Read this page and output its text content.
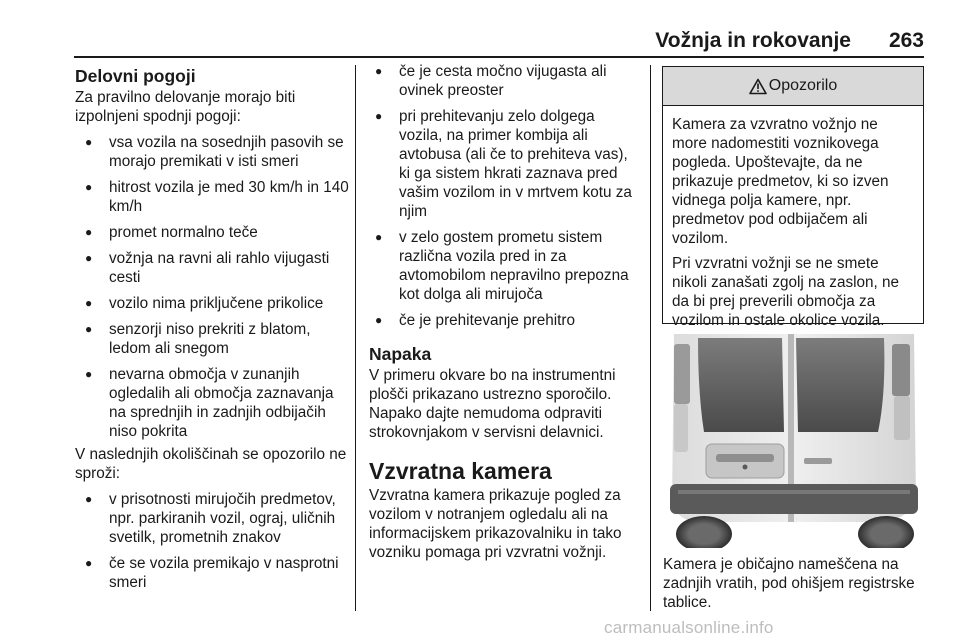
Vožnja in rokovanje 263

Delovni pogoji

Za pravilno delovanje morajo biti izpolnjeni spodnji pogoji:

● vsa vozila na sosednjih pasovih se morajo premikati v isti smeri
● hitrost vozila je med 30 km/h in 140 km/h
● promet normalno teče
● vožnja na ravni ali rahlo vijugasti cesti
● vozilo nima priključene prikolice
● senzorji niso prekriti z blatom, ledom ali snegom
● nevarna območja v zunanjih ogledalih ali območja zaznavanja na sprednjih in zadnjih odbijačih niso pokrita

V naslednjih okoliščinah se opozorilo ne sproži:

● v prisotnosti mirujočih predmetov, npr. parkiranih vozil, ograj, uličnih svetilk, prometnih znakov
● če se vozila premikajo v nasprotni smeri
● če je cesta močno vijugasta ali ovinek preoster
● pri prehitevanju zelo dolgega vozila, na primer kombija ali avtobusa (ali če to prehiteva vas), ki ga sistem hkrati zaznava pred vašim vozilom in v mrtvem kotu za njim
● v zelo gostem prometu sistem različna vozila pred in za avtomobilom nepravilno prepozna kot dolga ali mirujoča
● če je prehitevanje prehitro

Napaka

V primeru okvare bo na instrumentni plošči prikazano ustrezno sporočilo. Napako dajte nemudoma odpraviti strokovnjakom v servisni delavnici.

Vzvratna kamera

Vzvratna kamera prikazuje pogled za vozilom v notranjem ogledalu ali na informacijskem prikazovalniku in tako vozniku pomaga pri vzvratni vožnji.

Opozorilo

Kamera za vzvratno vožnjo ne more nadomestiti voznikovega pogleda. Upoštevajte, da ne prikazuje predmetov, ki so izven vidnega polja kamere, npr. predmetov pod odbijačem ali vozilom.

Pri vzvratni vožnji se ne smete nikoli zanašati zgolj na zaslon, ne da bi prej preverili območja za vozilom in ostale okolice vozila.

Kamera je običajno nameščena na zadnjih vratih, pod ohišjem registrske tablice.

carmanualsonline.info
